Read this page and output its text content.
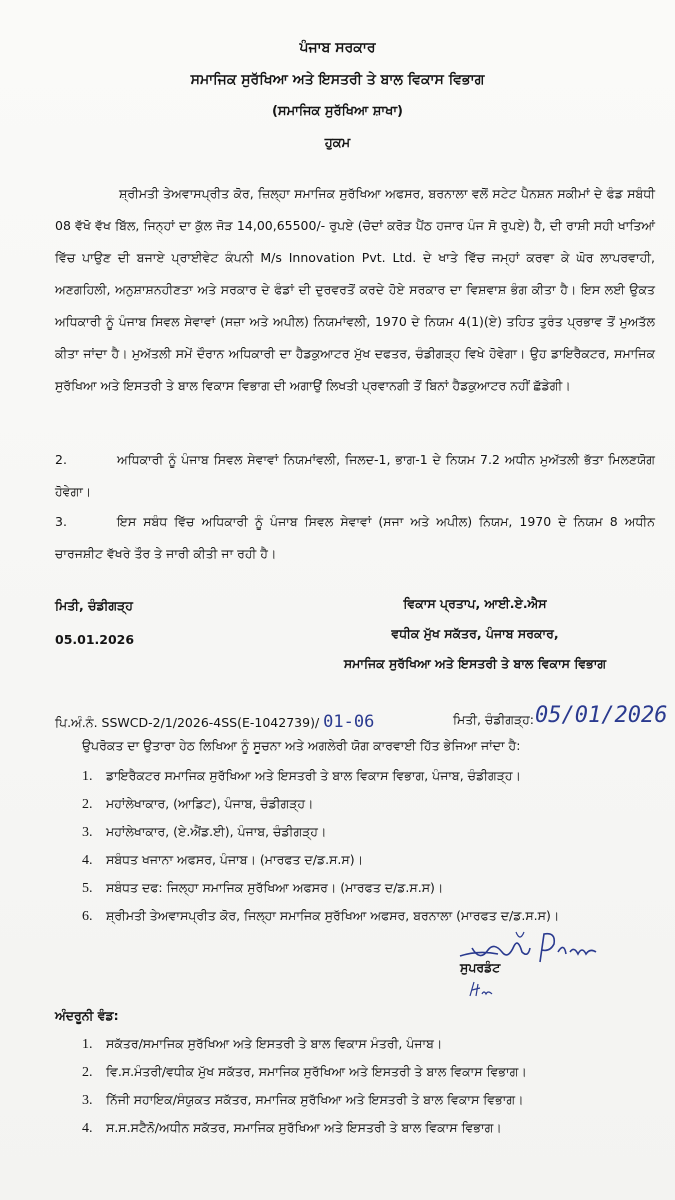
ਪੰਜਾਬ ਸਰਕਾਰ
ਸਮਾਜਿਕ ਸੁਰੱਖਿਆ ਅਤੇ ਇਸਤਰੀ ਤੇ ਬਾਲ ਵਿਕਾਸ ਵਿਭਾਗ
(ਸਮਾਜਿਕ ਸੁਰੱਖਿਆ ਸ਼ਾਖਾ)
ਹੁਕਮ
ਸ਼੍ਰੀਮਤੀ ਤੇਅਵਾਸਪ੍ਰੀਤ ਕੋਰ, ਜ਼ਿਲ੍ਹਾ ਸਮਾਜਿਕ ਸੁਰੱਖਿਆ ਅਫਸਰ, ਬਰਨਾਲਾ ਵਲੋਂ ਸਟੇਟ ਪੈਨਸ਼ਨ ਸਕੀਮਾਂ ਦੇ ਫੰਡ ਸਬੰਧੀ 08 ਵੱਖੋ ਵੱਖ ਬਿੱਲ, ਜਿਨ੍ਹਾਂ ਦਾ ਕੁੱਲ ਜੋੜ 14,00,65500/- ਰੁਪਏ (ਚੋਦਾਂ ਕਰੋੜ ਪੈਂਠ ਹਜਾਰ ਪੰਜ ਸੋ ਰੁਪਏ) ਹੈ, ਦੀ ਰਾਸ਼ੀ ਸਹੀ ਖਾਤਿਆਂ ਵਿੱਚ ਪਾਉਣ ਦੀ ਬਜਾਏ ਪ੍ਰਾਈਵੇਟ ਕੰਪਨੀ M/s Innovation Pvt. Ltd. ਦੇ ਖਾਤੇ ਵਿੱਚ ਜਮ੍ਹਾਂ ਕਰਵਾ ਕੇ ਘੋਰ ਲਾਪਰਵਾਹੀ, ਅਣਗਹਿਲੀ, ਅਨੁਸ਼ਾਸ਼ਨਹੀਣਤਾ ਅਤੇ ਸਰਕਾਰ ਦੇ ਫੰਡਾਂ ਦੀ ਦੁਰਵਰਤੋਂ ਕਰਦੇ ਹੋਏ ਸਰਕਾਰ ਦਾ ਵਿਸ਼ਵਾਸ਼ ਭੰਗ ਕੀਤਾ ਹੈ। ਇਸ ਲਈ ਉਕਤ ਅਧਿਕਾਰੀ ਨੂੰ ਪੰਜਾਬ ਸਿਵਲ ਸੇਵਾਵਾਂ (ਸਜ਼ਾ ਅਤੇ ਅਪੀਲ) ਨਿਯਮਾਂਵਲੀ, 1970 ਦੇ ਨਿਯਮ 4(1)(ਏ) ਤਹਿਤ ਤੁਰੰਤ ਪ੍ਰਭਾਵ ਤੋਂ ਮੁਅਤੱਲ ਕੀਤਾ ਜਾਂਦਾ ਹੈ। ਮੁਅੱਤਲੀ ਸਮੇਂ ਦੌਰਾਨ ਅਧਿਕਾਰੀ ਦਾ ਹੈਡਕੁਆਟਰ ਮੁੱਖ ਦਫਤਰ, ਚੰਡੀਗੜ੍ਹ ਵਿਖੇ ਹੋਵੇਗਾ। ਉਹ ਡਾਇਰੈਕਟਰ, ਸਮਾਜਿਕ ਸੁਰੱਖਿਆ ਅਤੇ ਇਸਤਰੀ ਤੇ ਬਾਲ ਵਿਕਾਸ ਵਿਭਾਗ ਦੀ ਅਗਾਉਂ ਲਿਖਤੀ ਪ੍ਰਵਾਨਗੀ ਤੋਂ ਬਿਨਾਂ ਹੈਡਕੁਆਟਰ ਨਹੀਂ ਛੱਡੇਗੀ।
2.	ਅਧਿਕਾਰੀ ਨੂੰ ਪੰਜਾਬ ਸਿਵਲ ਸੇਵਾਵਾਂ ਨਿਯਮਾਂਵਲੀ, ਜਿਲਦ-1, ਭਾਗ-1 ਦੇ ਨਿਯਮ 7.2 ਅਧੀਨ ਮੁਅੱਤਲੀ ਭੱਤਾ ਮਿਲਣਯੋਗ ਹੋਵੇਗਾ।
3.	ਇਸ ਸਬੰਧ ਵਿੱਚ ਅਧਿਕਾਰੀ ਨੂੰ ਪੰਜਾਬ ਸਿਵਲ ਸੇਵਾਵਾਂ (ਸਜਾ ਅਤੇ ਅਪੀਲ) ਨਿਯਮ, 1970 ਦੇ ਨਿਯਮ 8 ਅਧੀਨ ਚਾਰਜਸ਼ੀਟ ਵੱਖਰੇ ਤੌਰ ਤੇ ਜਾਰੀ ਕੀਤੀ ਜਾ ਰਹੀ ਹੈ।
ਮਿਤੀ, ਚੰਡੀਗੜ੍ਹ
05.01.2026
ਵਿਕਾਸ ਪ੍ਰਤਾਪ, ਆਈ.ਏ.ਐਸ
ਵਧੀਕ ਮੁੱਖ ਸਕੱਤਰ, ਪੰਜਾਬ ਸਰਕਾਰ,
ਸਮਾਜਿਕ ਸੁਰੱਖਿਆ ਅਤੇ ਇਸਤਰੀ ਤੇ ਬਾਲ ਵਿਕਾਸ ਵਿਭਾਗ
ਪਿ.ਅੰ.ਨੰ. SSWCD-2/1/2026-4SS(E-1042739)/ 01-06	ਮਿਤੀ, ਚੰਡੀਗੜ੍ਹ: 05/01/2026
ਉਪਰੋਕਤ ਦਾ ਉਤਾਰਾ ਹੇਠ ਲਿਖਿਆ ਨੂੰ ਸੂਚਨਾ ਅਤੇ ਅਗਲੇਰੀ ਯੋਗ ਕਾਰਵਾਈ ਹਿੱਤ ਭੇਜਿਆ ਜਾਂਦਾ ਹੈ:
1. ਡਾਇਰੈਕਟਰ ਸਮਾਜਿਕ ਸੁਰੱਖਿਆ ਅਤੇ ਇਸਤਰੀ ਤੇ ਬਾਲ ਵਿਕਾਸ ਵਿਭਾਗ, ਪੰਜਾਬ, ਚੰਡੀਗੜ੍ਹ।
2. ਮਹਾਂਲੇਖਾਕਾਰ, (ਆਡਿਟ), ਪੰਜਾਬ, ਚੰਡੀਗੜ੍ਹ।
3. ਮਹਾਂਲੇਖਾਕਾਰ, (ਏ.ਐਂਡ.ਈ), ਪੰਜਾਬ, ਚੰਡੀਗੜ੍ਹ।
4. ਸਬੰਧਤ ਖਜਾਨਾ ਅਫਸਰ, ਪੰਜਾਬ। (ਮਾਰਫਤ ਦ/ਡ.ਸ.ਸ)।
5. ਸਬੰਧਤ ਦਫ: ਜਿਲ੍ਹਾ ਸਮਾਜਿਕ ਸੁਰੱਖਿਆ ਅਫਸਰ। (ਮਾਰਫਤ ਦ/ਡ.ਸ.ਸ)।
6. ਸ਼੍ਰੀਮਤੀ ਤੇਅਵਾਸਪ੍ਰੀਤ ਕੋਰ, ਜਿਲ੍ਹਾ ਸਮਾਜਿਕ ਸੁਰੱਖਿਆ ਅਫਸਰ, ਬਰਨਾਲਾ (ਮਾਰਫਤ ਦ/ਡ.ਸ.ਸ)।
ਸੁਪਰਡੰਟ
ਅੰਦਰੂਨੀ ਵੰਡ:
1. ਸਕੱਤਰ/ਸਮਾਜਿਕ ਸੁਰੱਖਿਆ ਅਤੇ ਇਸਤਰੀ ਤੇ ਬਾਲ ਵਿਕਾਸ ਮੰਤਰੀ, ਪੰਜਾਬ।
2. ਵਿ.ਸ.ਮੰਤਰੀ/ਵਧੀਕ ਮੁੱਖ ਸਕੱਤਰ, ਸਮਾਜਿਕ ਸੁਰੱਖਿਆ ਅਤੇ ਇਸਤਰੀ ਤੇ ਬਾਲ ਵਿਕਾਸ ਵਿਭਾਗ।
3. ਨਿੱਜੀ ਸਹਾਇਕ/ਸੰਯੁਕਤ ਸਕੱਤਰ, ਸਮਾਜਿਕ ਸੁਰੱਖਿਆ ਅਤੇ ਇਸਤਰੀ ਤੇ ਬਾਲ ਵਿਕਾਸ ਵਿਭਾਗ।
4. ਸ.ਸ.ਸਟੈਨੋ/ਅਧੀਨ ਸਕੱਤਰ, ਸਮਾਜਿਕ ਸੁਰੱਖਿਆ ਅਤੇ ਇਸਤਰੀ ਤੇ ਬਾਲ ਵਿਕਾਸ ਵਿਭਾਗ।
